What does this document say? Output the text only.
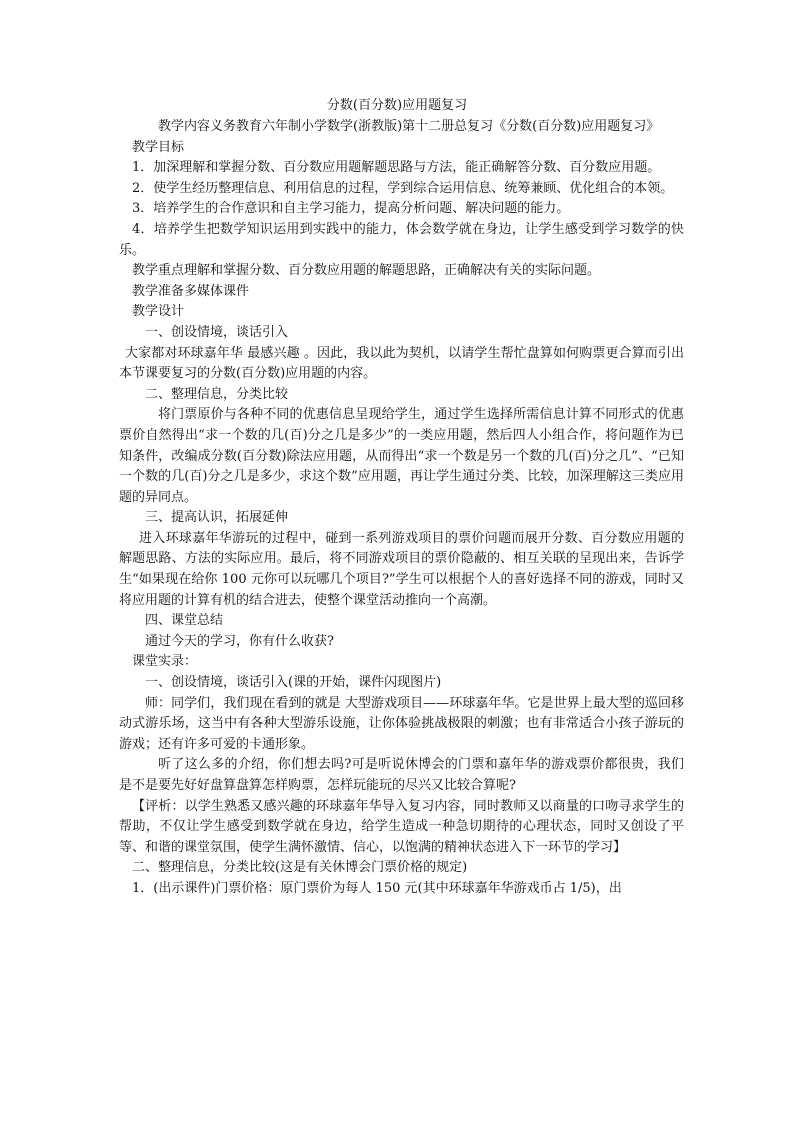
分数(百分数)应用题复习

教学内容义务教育六年制小学数学(浙教版)第十二册总复习《分数(百分数)应用题复习》

教学目标

1．加深理解和掌握分数、百分数应用题解题思路与方法，能正确解答分数、百分数应用题。

2．使学生经历整理信息、利用信息的过程，学到综合运用信息、统筹兼顾、优化组合的本领。

3．培养学生的合作意识和自主学习能力，提高分析问题、解决问题的能力。

4．培养学生把数学知识运用到实践中的能力，体会数学就在身边，让学生感受到学习数学的快乐。

教学重点理解和掌握分数、百分数应用题的解题思路，正确解决有关的实际问题。

教学准备多媒体课件

教学设计

一、创设情境，谈话引入

大家都对环球嘉年华 最感兴趣 。因此，我以此为契机，以请学生帮忙盘算如何购票更合算而引出本节课要复习的分数(百分数)应用题的内容。

二、整理信息，分类比较

将门票原价与各种不同的优惠信息呈现给学生，通过学生选择所需信息计算不同形式的优惠票价自然得出“求一个数的几(百)分之几是多少”的一类应用题，然后四人小组合作，将问题作为已知条件，改编成分数(百分数)除法应用题，从而得出“求一个数是另一个数的几(百)分之几”、“已知一个数的几(百)分之几是多少，求这个数”应用题，再让学生通过分类、比较，加深理解这三类应用题的异同点。

三、提高认识，拓展延伸

进入环球嘉年华游玩的过程中，碰到一系列游戏项目的票价问题而展开分数、百分数应用题的解题思路、方法的实际应用。最后，将不同游戏项目的票价隐蔽的、相互关联的呈现出来，告诉学生“如果现在给你 100 元你可以玩哪几个项目?”学生可以根据个人的喜好选择不同的游戏，同时又将应用题的计算有机的结合进去，使整个课堂活动推向一个高潮。

四、课堂总结

通过今天的学习，你有什么收获?

课堂实录：

一、创设情境，谈话引入(课的开始，课件闪现图片)

师：同学们，我们现在看到的就是 大型游戏项目——环球嘉年华。它是世界上最大型的巡回移动式游乐场，这当中有各种大型游乐设施，让你体验挑战极限的刺激；也有非常适合小孩子游玩的游戏；还有许多可爱的卡通形象。

听了这么多的介绍，你们想去吗?可是听说休博会的门票和嘉年华的游戏票价都很贵，我们是不是要先好好盘算盘算怎样购票，怎样玩能玩的尽兴又比较合算呢?

【评析：以学生熟悉又感兴趣的环球嘉年华导入复习内容，同时教师又以商量的口吻寻求学生的帮助，不仅让学生感受到数学就在身边，给学生造成一种急切期待的心理状态，同时又创设了平等、和谐的课堂氛围，使学生满怀激情、信心，以饱满的精神状态进入下一环节的学习】

二、整理信息，分类比较(这是有关休博会门票价格的规定)

1．(出示课件)门票价格：原门票价为每人 150 元(其中环球嘉年华游戏币占 1/5)，出
